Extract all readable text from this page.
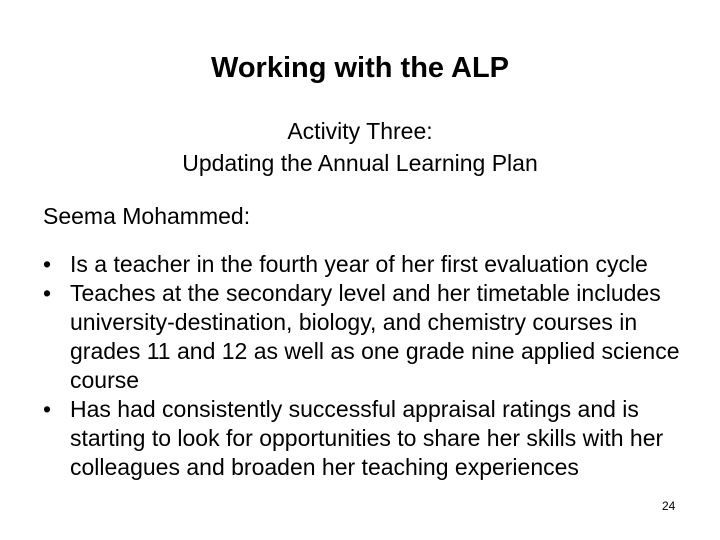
Working with the ALP
Activity Three:
Updating the Annual Learning Plan
Seema Mohammed:
• Is a teacher in the fourth year of her first evaluation cycle
• Teaches at the secondary level and her timetable includes university-destination, biology, and chemistry courses in grades 11 and 12 as well as one grade nine applied science course
• Has had consistently successful appraisal ratings and is starting to look for opportunities to share her skills with her colleagues and broaden her teaching experiences
24
